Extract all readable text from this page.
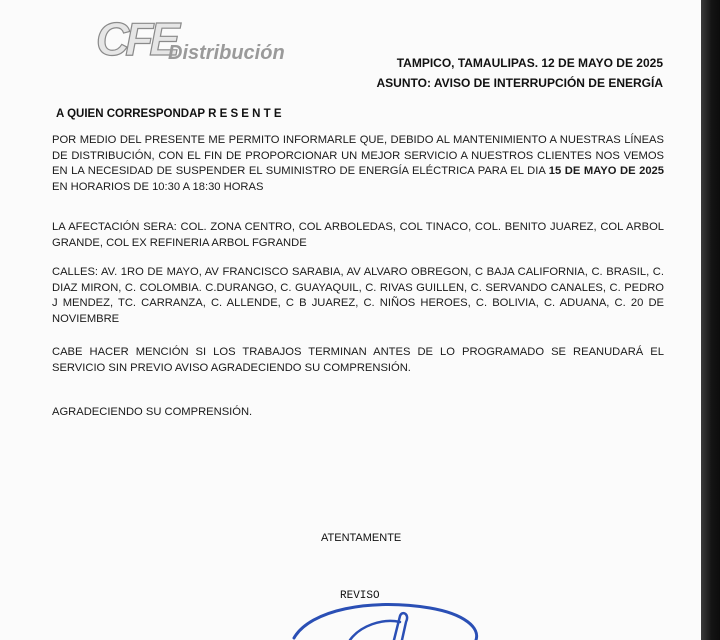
CFE
Distribución	TAMPICO, TAMAULIPAS. 12 DE MAYO DE 2025
ASUNTO: AVISO DE INTERRUPCIÓN DE ENERGÍA
A QUIEN CORRESPONDAP R E S E N T E

POR MEDIO DEL PRESENTE ME PERMITO INFORMARLE QUE, DEBIDO AL MANTENIMIENTO A NUESTRAS LÍNEAS DE DISTRIBUCIÓN, CON EL FIN DE PROPORCIONAR UN MEJOR SERVICIO A NUESTROS CLIENTES NOS VEMOS EN LA NECESIDAD DE SUSPENDER EL SUMINISTRO DE ENERGÍA ELÉCTRICA PARA EL DIA 15 DE MAYO DE 2025 EN HORARIOS DE 10:30 A 18:30 HORAS

LA AFECTACIÓN SERA: COL. ZONA CENTRO, COL ARBOLEDAS, COL TINACO, COL. BENITO JUAREZ, COL ARBOL GRANDE, COL EX REFINERIA ARBOL FGRANDE

CALLES: AV. 1RO DE MAYO, AV FRANCISCO SARABIA, AV ALVARO OBREGON, C BAJA CALIFORNIA, C. BRASIL, C. DIAZ MIRON, C. COLOMBIA. C.DURANGO, C. GUAYAQUIL, C. RIVAS GUILLEN, C. SERVANDO CANALES, C. PEDRO J MENDEZ, TC. CARRANZA, C. ALLENDE, C B JUAREZ, C. NIÑOS HEROES, C. BOLIVIA, C. ADUANA, C. 20 DE NOVIEMBRE

CABE HACER MENCIÓN SI LOS TRABAJOS TERMINAN ANTES DE LO PROGRAMADO SE REANUDARÁ EL SERVICIO SIN PREVIO AVISO AGRADECIENDO SU COMPRENSIÓN.

AGRADECIENDO SU COMPRENSIÓN.

ATENTAMENTE
REVISO
